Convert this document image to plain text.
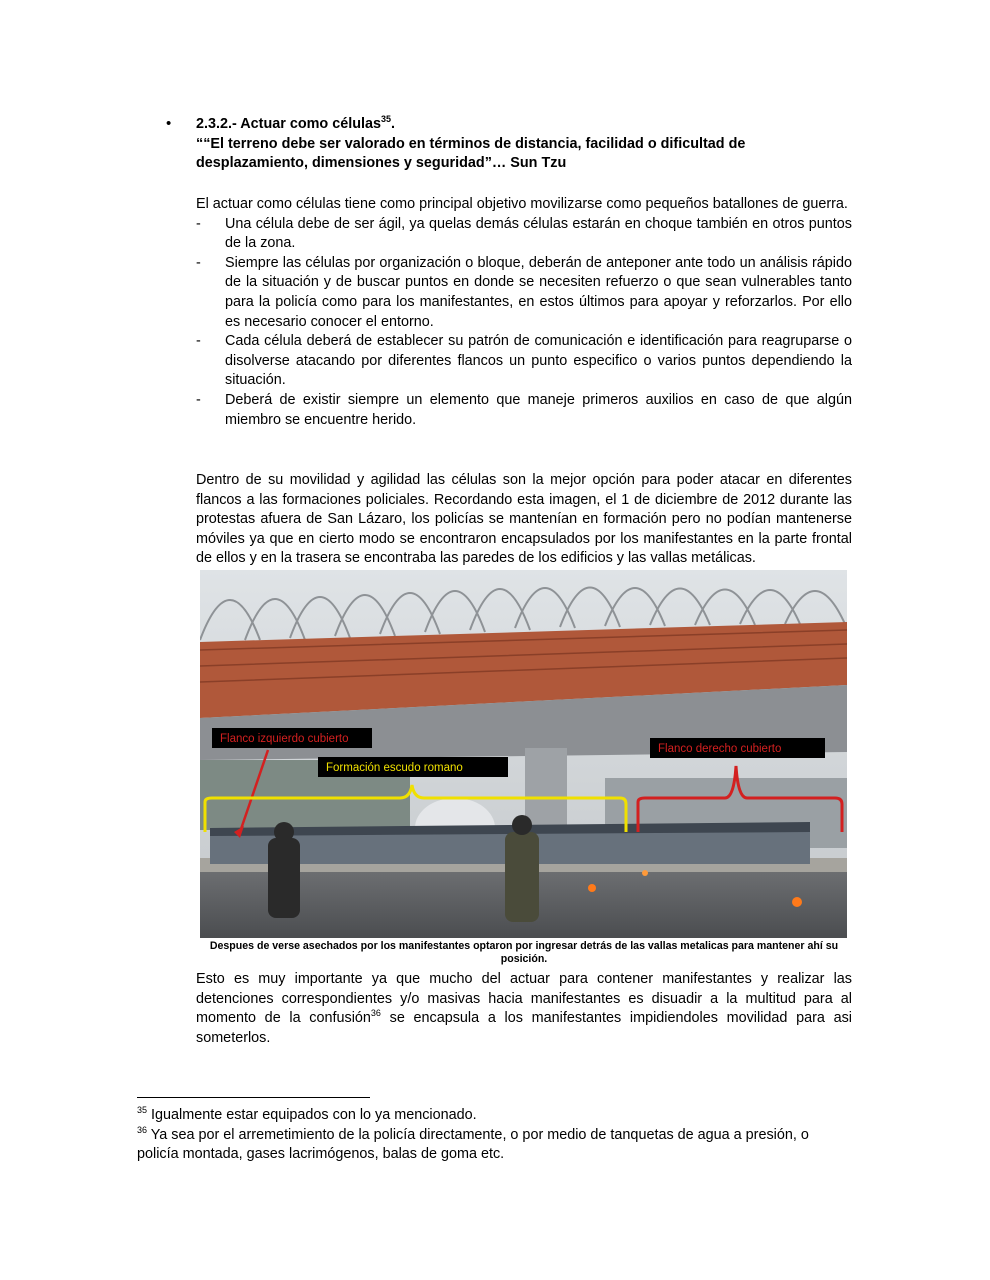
• 2.3.2.- Actuar como células$^{35}$.
““El terreno debe ser valorado en términos de distancia, facilidad o dificultad de desplazamiento, dimensiones y seguridad”… Sun Tzu

El actuar como células tiene como principal objetivo movilizarse como pequeños batallones de guerra.

- Una célula debe de ser ágil, ya quelas demás células estarán en choque también en otros puntos de la zona.
- Siempre las células por organización o bloque, deberán de anteponer ante todo un análisis rápido de la situación y de buscar puntos en donde se necesiten refuerzo o que sean vulnerables tanto para la policía como para los manifestantes, en estos últimos para apoyar y reforzarlos. Por ello es necesario conocer el entorno.
- Cada célula deberá de establecer su patrón de comunicación e identificación para reagruparse o disolverse atacando por diferentes flancos un punto especifico o varios puntos dependiendo la situación.
- Deberá de existir siempre un elemento que maneje primeros auxilios en caso de que algún miembro se encuentre herido.

Dentro de su movilidad y agilidad las células son la mejor opción para poder atacar en diferentes flancos a las formaciones policiales. Recordando esta imagen, el 1 de diciembre de 2012 durante las protestas afuera de San Lázaro, los policías se mantenían en formación pero no podían mantenerse móviles ya que en cierto modo se encontraron encapsulados por los manifestantes en la parte frontal de ellos y en la trasera se encontraba las paredes de los edificios y las vallas metálicas.

Flanco izquierdo cubierto
Formación escudo romano
Flanco derecho cubierto
Despues de verse asechados por los manifestantes optaron por ingresar detrás de las vallas metalicas para mantener ahí su posición.

Esto es muy importante ya que mucho del actuar para contener manifestantes y realizar las detenciones correspondientes y/o masivas hacia manifestantes es disuadir a la multitud para al momento de la confusión$^{36}$ se encapsula a los manifestantes impidiendoles movilidad para asi someterlos.

$^{35}$ Igualmente estar equipados con lo ya mencionado.

$^{36}$ Ya sea por el arremetimiento de la policía directamente, o por medio de tanquetas de agua a presión, o policía montada, gases lacrimógenos, balas de goma etc.
